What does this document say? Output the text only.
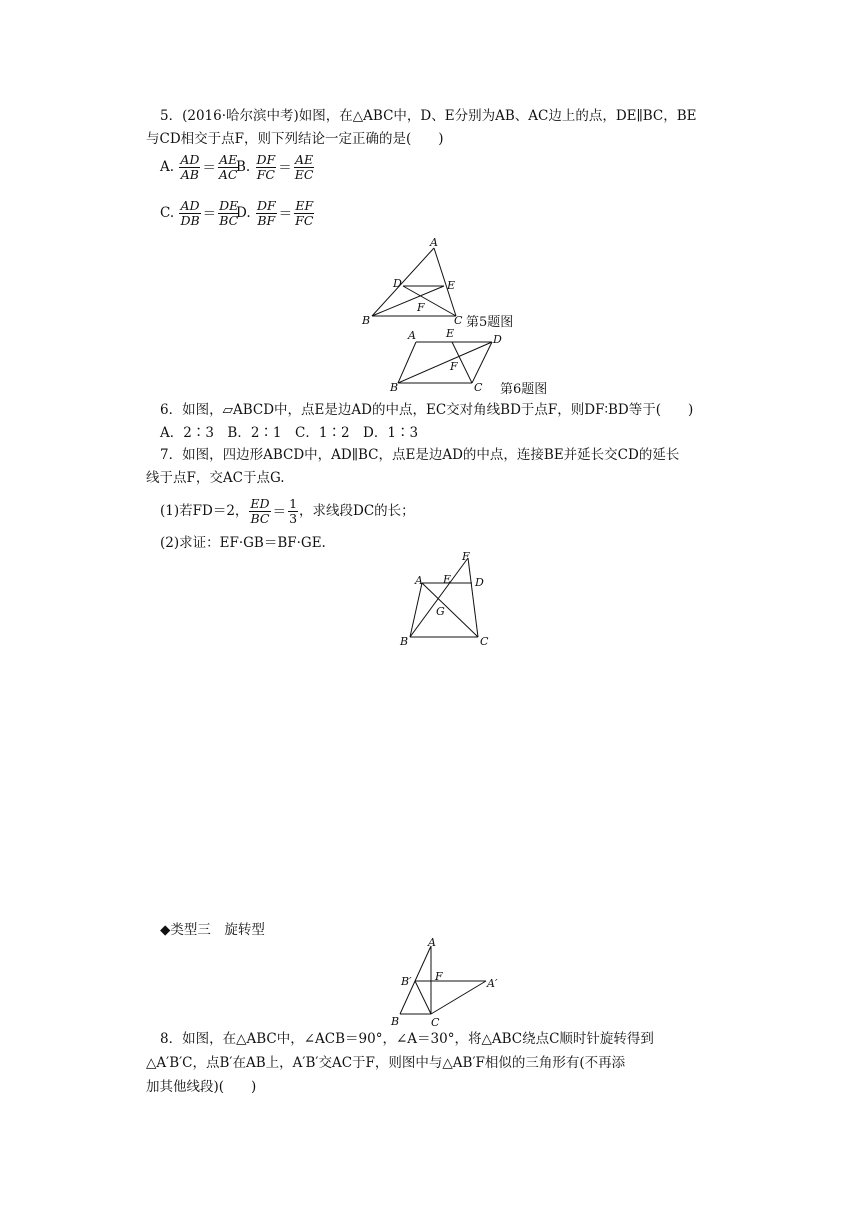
5．(2016·哈尔滨中考)如图，在△ABC中，D、E分别为AB、AC边上的点，DE∥BC，BE
与CD相交于点F，则下列结论一定正确的是(　　)
A. $\frac{AD}{AB} = \frac{AE}{AC}$
B. $\frac{DF}{FC} = \frac{AE}{EC}$
C. $\frac{AD}{DB} = \frac{DE}{BC}$
D. $\frac{DF}{BF} = \frac{EF}{FC}$
A
B	C
D	E
F
第5题图
A	E	D
F
B	C 第6题图
6．如图，▱ABCD中，点E是边AD的中点，EC交对角线BD于点F，则DF∶BD等于(　　)
A．2∶3　B．2∶1　C．1∶2　D．1∶3
7．如图，四边形ABCD中，AD∥BC，点E是边AD的中点，连接BE并延长交CD的延长
线于点F，交AC于点G.
(1)若FD＝2， $\frac{ED}{BC} = \frac{1}{3}$ ，求线段DC的长；
(2)求证：EF·GB＝BF·GE.
F
A E D
G
B	C
◆类型三　旋转型
A
F
B′	A′
B	C
8．如图，在△ABC中，∠ACB＝90°，∠A＝30°，将△ABC绕点C顺时针旋转得到
△A′B′C，点B′在AB上，A′B′交AC于F，则图中与△AB′F相似的三角形有(不再添
加其他线段)(　　)
